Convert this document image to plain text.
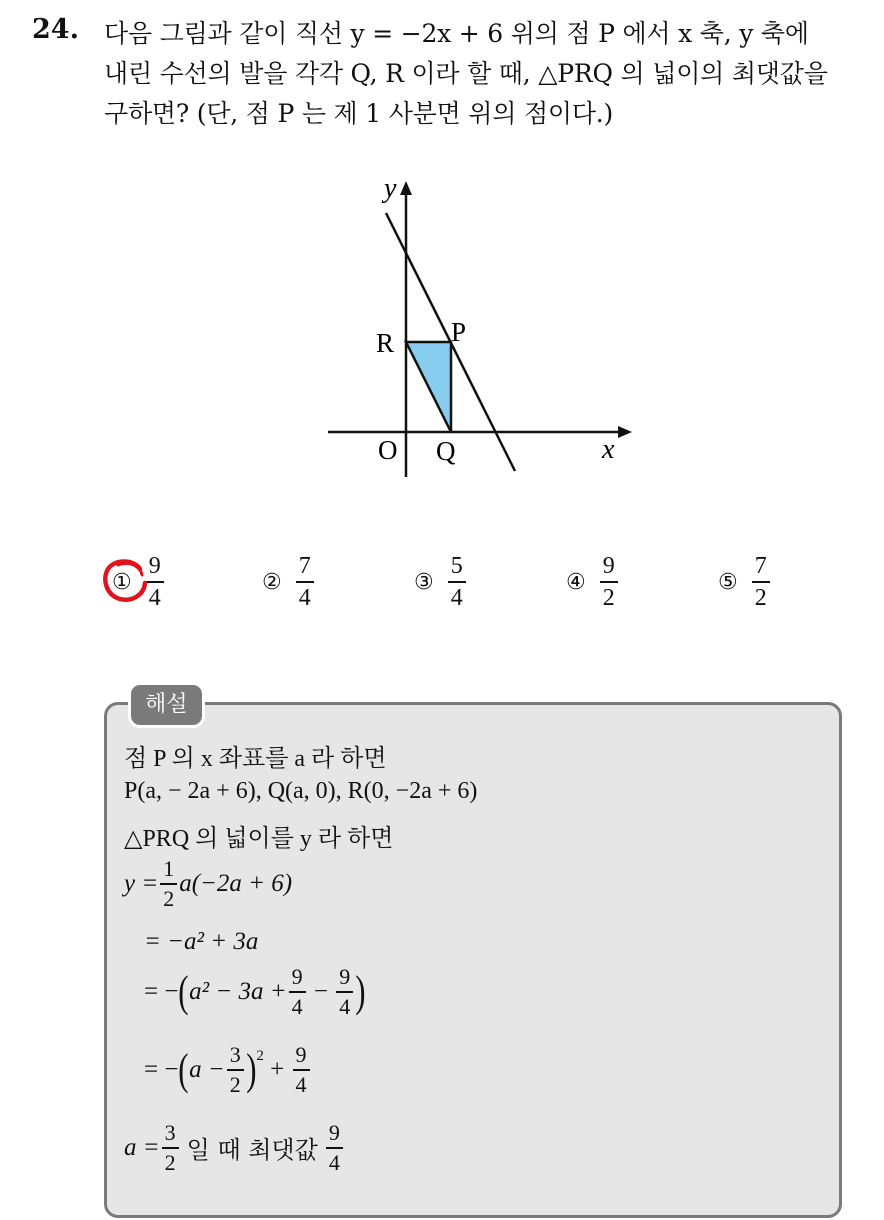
24. 다음 그림과 같이 직선 y = −2x + 6 위의 점 P 에서 x 축, y 축에
내린 수선의 발을 각각 Q, R 이라 할 때, △PRQ 의 넓이의 최댓값을
구하면? (단, 점 P 는 제 1 사분면 위의 점이다.)
y
x
O
P
Q
R
① $\frac{9}{4}$	② $\frac{7}{4}$	③ $\frac{5}{4}$	④ $\frac{9}{2}$	⑤ $\frac{7}{2}$
해설
점 P 의 x 좌표를 a 라 하면
P(a, − 2a + 6), Q(a, 0), R(0, −2a + 6)
△PRQ 의 넓이를 y 라 하면
$y = \frac{1}{2} a(-2a + 6)$
= −a² + 3a
= − ( $a^2 - 3a + \frac{9}{4} - \frac{9}{4}$ )
= − ( $a - \frac{3}{2} )^2 + \frac{9}{4}$
$a = \frac{3}{2}$ 일 때 최댓값 $\frac{9}{4}$
